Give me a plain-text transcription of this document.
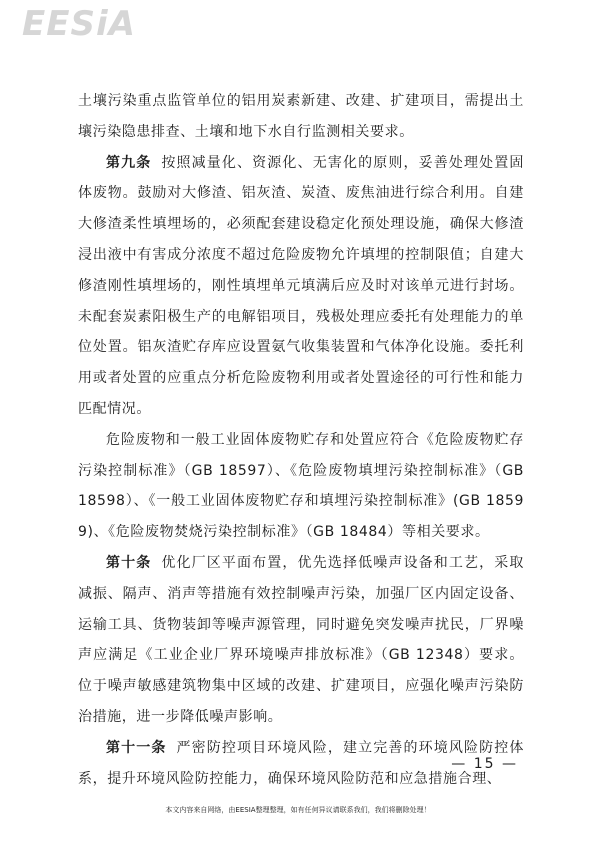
EESiA

土壤污染重点监管单位的铝用炭素新建、改建、扩建项目，需提出土壤污染隐患排查、土壤和地下水自行监测相关要求。

第九条 按照减量化、资源化、无害化的原则，妥善处理处置固体废物。鼓励对大修渣、铝灰渣、炭渣、废焦油进行综合利用。自建大修渣柔性填埋场的，必须配套建设稳定化预处理设施，确保大修渣浸出液中有害成分浓度不超过危险废物允许填埋的控制限值；自建大修渣刚性填埋场的，刚性填埋单元填满后应及时对该单元进行封场。未配套炭素阳极生产的电解铝项目，残极处理应委托有处理能力的单位处置。铝灰渣贮存库应设置氨气收集装置和气体净化设施。委托利用或者处置的应重点分析危险废物利用或者处置途径的可行性和能力匹配情况。

危险废物和一般工业固体废物贮存和处置应符合《危险废物贮存污染控制标准》（GB 18597）、《危险废物填埋污染控制标准》（GB 18598）、《一般工业固体废物贮存和填埋污染控制标准》(GB 18599)、《危险废物焚烧污染控制标准》（GB 18484）等相关要求。

第十条 优化厂区平面布置，优先选择低噪声设备和工艺，采取减振、隔声、消声等措施有效控制噪声污染，加强厂区内固定设备、运输工具、货物装卸等噪声源管理，同时避免突发噪声扰民，厂界噪声应满足《工业企业厂界环境噪声排放标准》（GB 12348）要求。位于噪声敏感建筑物集中区域的改建、扩建项目，应强化噪声污染防治措施，进一步降低噪声影响。

第十一条 严密防控项目环境风险，建立完善的环境风险防控体系，提升环境风险防控能力，确保环境风险防范和应急措施合理、

— 15 —
本文内容来自网络，由EESIA整理整理，如有任何异议请联系我们，我们将删除处理！
